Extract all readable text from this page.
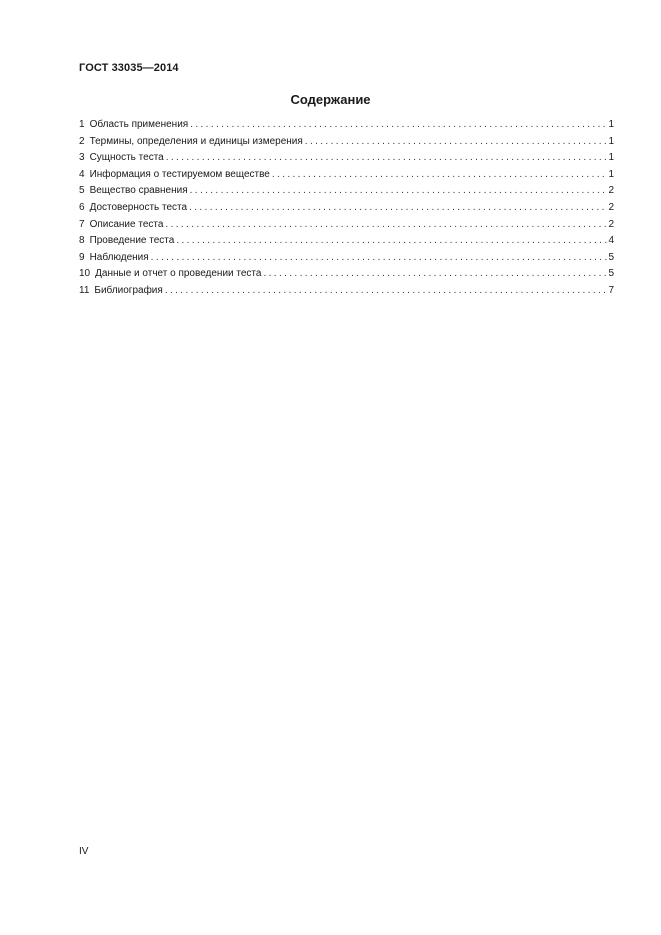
ГОСТ 33035—2014
Содержание
1 Область применения . . .	1
2 Термины, определения и единицы измерения . . .	1
3 Сущность теста . . .	1
4 Информация о тестируемом веществе . . .	1
5 Вещество сравнения . . .	2
6 Достоверность теста . . .	2
7 Описание теста . . .	2
8 Проведение теста . . .	4
9 Наблюдения . . .	5
10 Данные и отчет о проведении теста . . .	5
11 Библиография . . .	7
IV
